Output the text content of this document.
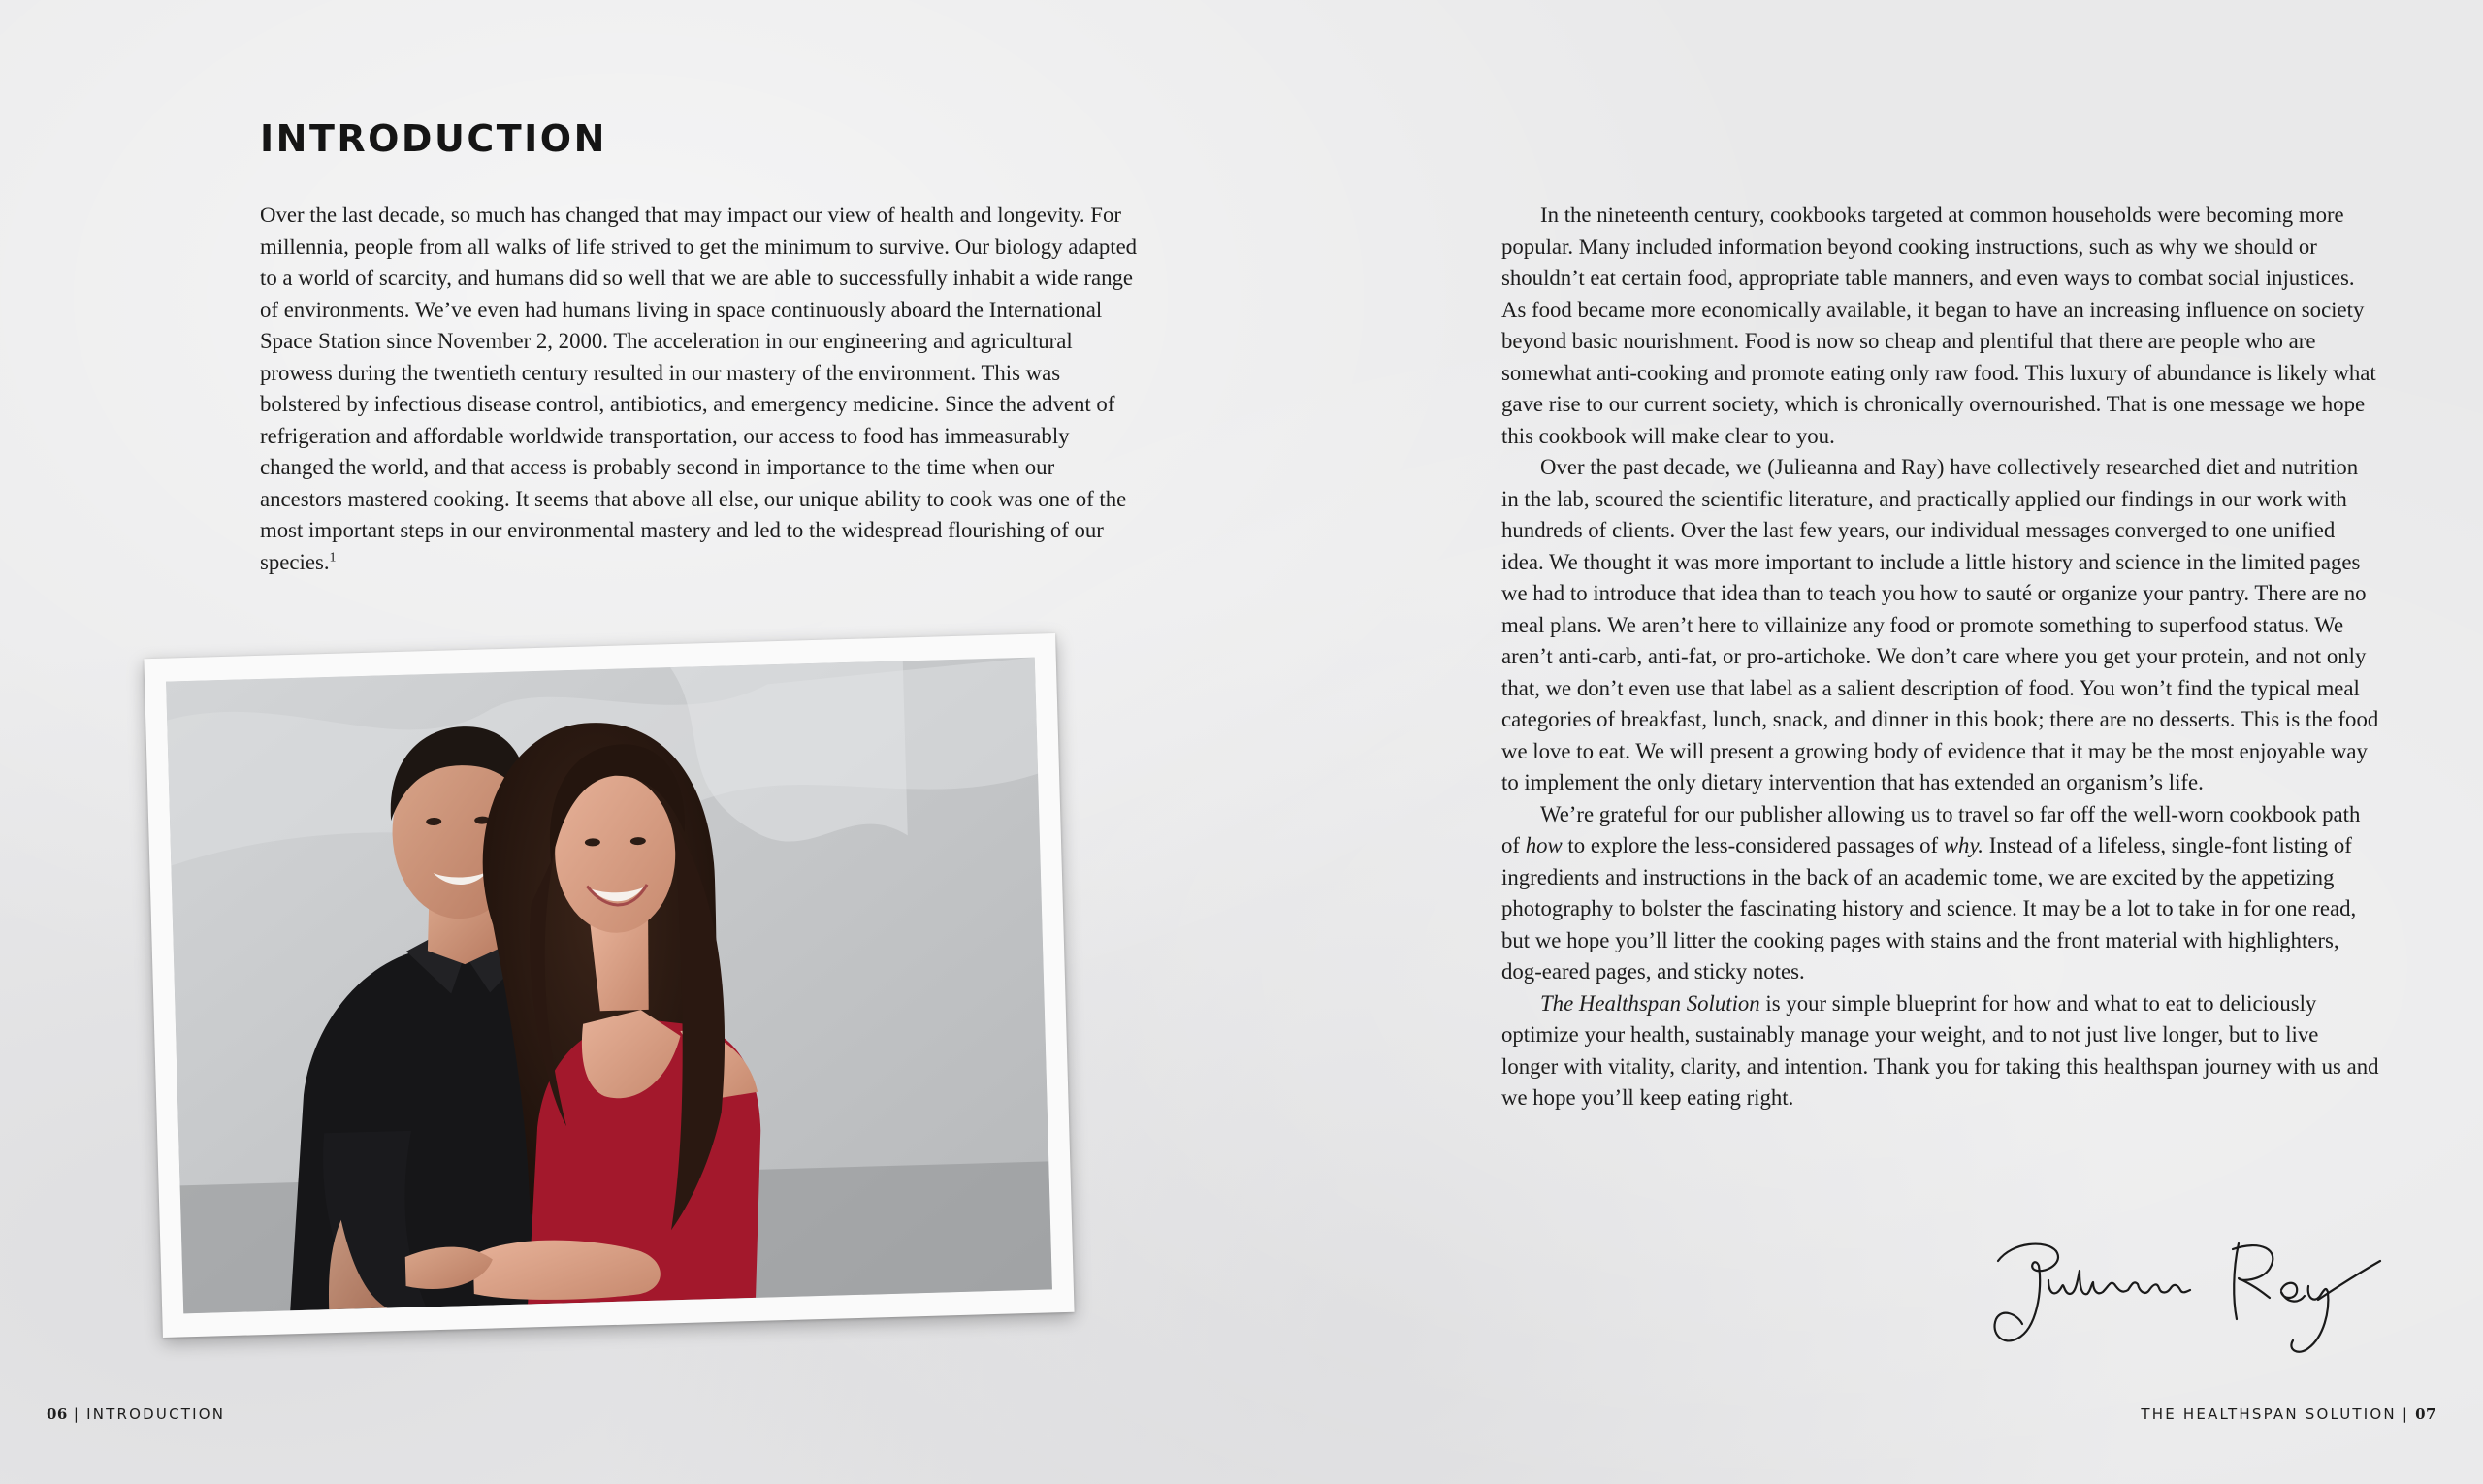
INTRODUCTION
Over the last decade, so much has changed that may impact our view of health and longevity. For millennia, people from all walks of life strived to get the minimum to survive. Our biology adapted to a world of scarcity, and humans did so well that we are able to successfully inhabit a wide range of environments. We’ve even had humans living in space continuously aboard the International Space Station since November 2, 2000. The acceleration in our engineering and agricultural prowess during the twentieth century resulted in our mastery of the environment. This was bolstered by infectious disease control, antibiotics, and emergency medicine. Since the advent of refrigeration and affordable worldwide transportation, our access to food has immeasurably changed the world, and that access is probably second in importance to the time when our ancestors mastered cooking. It seems that above all else, our unique ability to cook was one of the most important steps in our environmental mastery and led to the widespread flourishing of our species.$^1$
06 | INTRODUCTION

In the nineteenth century, cookbooks targeted at common households were becoming more popular. Many included information beyond cooking instructions, such as why we should or shouldn’t eat certain food, appropriate table manners, and even ways to combat social injustices. As food became more economically available, it began to have an increasing influence on society beyond basic nourishment. Food is now so cheap and plentiful that there are people who are somewhat anti-cooking and promote eating only raw food. This luxury of abundance is likely what gave rise to our current society, which is chronically overnourished. That is one message we hope this cookbook will make clear to you.

Over the past decade, we (Julieanna and Ray) have collectively researched diet and nutrition in the lab, scoured the scientific literature, and practically applied our findings in our work with hundreds of clients. Over the last few years, our individual messages converged to one unified idea. We thought it was more important to include a little history and science in the limited pages we had to introduce that idea than to teach you how to sauté or organize your pantry. There are no meal plans. We aren’t here to villainize any food or promote something to superfood status. We aren’t anti-carb, anti-fat, or pro-artichoke. We don’t care where you get your protein, and not only that, we don’t even use that label as a salient description of food. You won’t find the typical meal categories of breakfast, lunch, snack, and dinner in this book; there are no desserts. This is the food we love to eat. We will present a growing body of evidence that it may be the most enjoyable way to implement the only dietary intervention that has extended an organism’s life.

We’re grateful for our publisher allowing us to travel so far off the well-worn cookbook path of how to explore the less-considered passages of why. Instead of a lifeless, single-font listing of ingredients and instructions in the back of an academic tome, we are excited by the appetizing photography to bolster the fascinating history and science. It may be a lot to take in for one read, but we hope you’ll litter the cooking pages with stains and the front material with highlighters, dog-eared pages, and sticky notes.

The Healthspan Solution is your simple blueprint for how and what to eat to deliciously optimize your health, sustainably manage your weight, and to not just live longer, but to live longer with vitality, clarity, and intention. Thank you for taking this healthspan journey with us and we hope you’ll keep eating right.

THE HEALTHSPAN SOLUTION | 07
